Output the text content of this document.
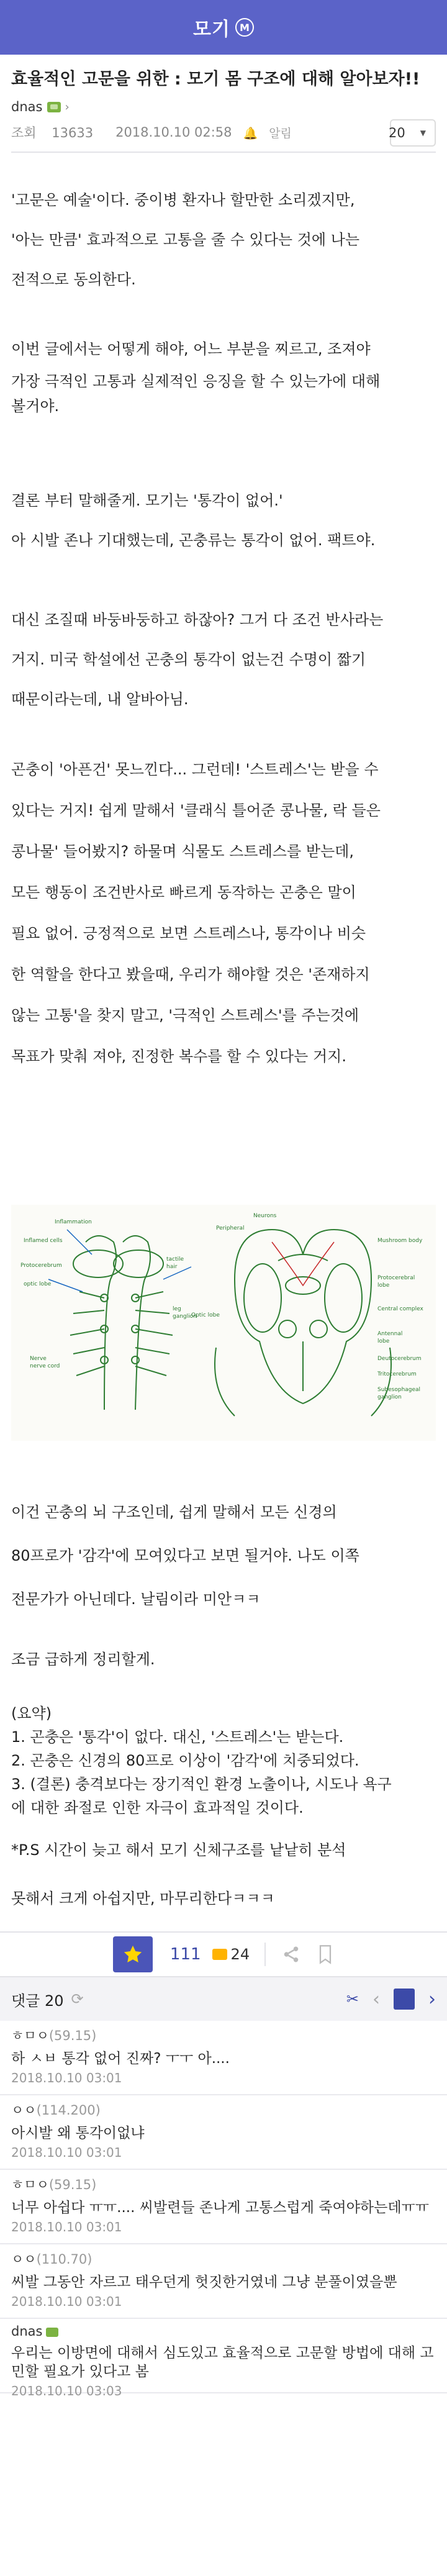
모기 M
효율적인 고문을 위한 : 모기 몸 구조에 대해 알아보자!!
dnas ›
조회 13633	2018.10.10 02:58 🔔 알림	20 ▼
'고문은 예술'이다. 중이병 환자나 할만한 소리겠지만,
'아는 만큼' 효과적으로 고통을 줄 수 있다는 것에 나는
전적으로 동의한다.
이번 글에서는 어떻게 해야, 어느 부분을 찌르고, 조져야
가장 극적인 고통과 실제적인 응징을 할 수 있는가에 대해
볼거야.
결론 부터 말해줄게. 모기는 '통각이 없어.'
아 시발 존나 기대했는데, 곤충류는 통각이 없어. 팩트야.
대신 조질때 바둥바둥하고 하잖아? 그거 다 조건 반사라는
거지. 미국 학설에선 곤충의 통각이 없는건 수명이 짧기
때문이라는데, 내 알바아님.
곤충이 '아픈건' 못느낀다... 그런데! '스트레스'는 받을 수
있다는 거지! 쉽게 말해서 '클래식 틀어준 콩나물, 락 들은
콩나물' 들어봤지? 하물며 식물도 스트레스를 받는데,
모든 행동이 조건반사로 빠르게 동작하는 곤충은 말이
필요 없어. 긍정적으로 보면 스트레스나, 통각이나 비슷
한 역할을 한다고 봤을때, 우리가 해야할 것은 '존재하지
않는 고통'을 찾지 말고, '극적인 스트레스'를 주는것에
목표가 맞춰 져야, 진정한 복수를 할 수 있다는 거지.
Inflammation
Inflamed cells
Protocerebrum
optic lobe
tactile
hair
leg
ganglion
Nerve
nerve cord
Neurons
Peripheral
Mushroom body
Protocerebral
lobe
Central complex
Optic lobe
Antennal
lobe
Deutocerebrum
Tritocerebrum
Subesophageal
ganglion
이건 곤충의 뇌 구조인데, 쉽게 말해서 모든 신경의
80프로가 '감각'에 모여있다고 보면 될거야. 나도 이쪽
전문가가 아닌데다. 날림이라 미안ㅋㅋ
조금 급하게 정리할게.
(요약)
1. 곤충은 '통각'이 없다. 대신, '스트레스'는 받는다.
2. 곤충은 신경의 80프로 이상이 '감각'에 치중되었다.
3. (결론) 충격보다는 장기적인 환경 노출이나, 시도나 욕구
에 대한 좌절로 인한 자극이 효과적일 것이다.
*P.S 시간이 늦고 해서 모기 신체구조를 낱낱히 분석
못해서 크게 아쉽지만, 마무리한다ㅋㅋㅋ
111 24
댓글 20 ⟳	✂ ‹	›
ㅎㅁㅇ(59.15)
하 ㅅㅂ 통각 없어 진짜? ㅜㅜ 아....
2018.10.10 03:01
ㅇㅇ(114.200)
아시발 왜 통각이없냐
2018.10.10 03:01
ㅎㅁㅇ(59.15)
너무 아쉽다 ㅠㅠ.... 씨발련들 존나게 고통스럽게 죽여야하는데ㅠㅠ
2018.10.10 03:01
ㅇㅇ(110.70)
씨발 그동안 자르고 태우던게 헛짓한거였네 그냥 분풀이였을뿐
2018.10.10 03:01
dnas
우리는 이방면에 대해서 심도있고 효율적으로 고문할 방법에 대해 고민할 필요가 있다고 봄
2018.10.10 03:03
